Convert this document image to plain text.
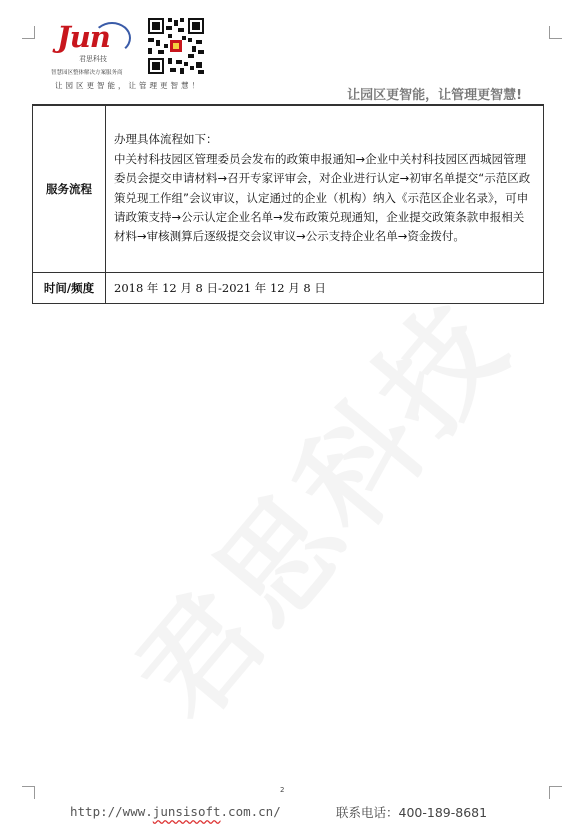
Jun
君思科技
智慧园区整体解决方案服务商
让园区更智能，让管理更智慧！
让园区更智能，让管理更智慧!
服务流程	办理具体流程如下：
中关村科技园区管理委员会发布的政策申报通知→企业中关村科技园区西城园管理委员会提交申请材料→召开专家评审会，对企业进行认定→初审名单提交“示范区政策兑现工作组”会议审议，认定通过的企业（机构）纳入《示范区企业名录》，可申请政策支持→公示认定企业名单→发布政策兑现通知，企业提交政策条款申报相关材料→审核测算后逐级提交会议审议→公示支持企业名单→资金拨付。

时间/频度	2018 年 12 月 8 日-2021 年 12 月 8 日
2
http://www.junsisoft.com.cn/	联系电话：400-189-8681
